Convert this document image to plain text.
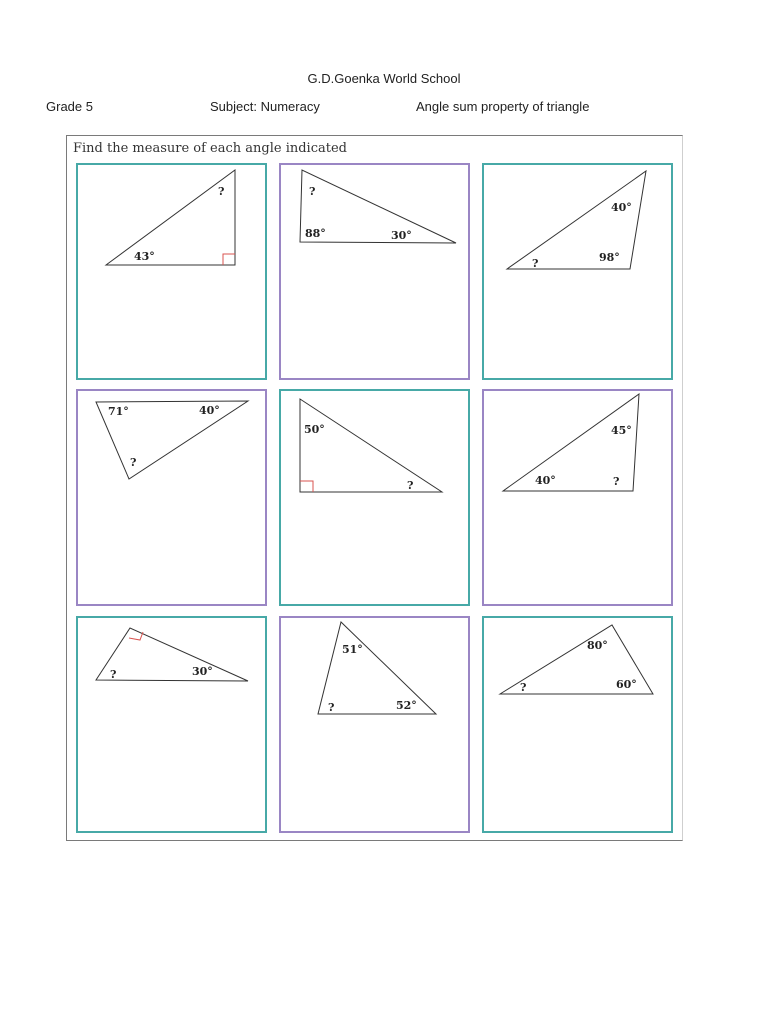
G.D.Goenka World School
Grade 5	Subject: Numeracy	Angle sum property of triangle
Find the measure of each angle indicated
?
43°
?
88°	30°
40°
98°
?
71°	40°
?
50°
?
45°
40°	?
?	30°
51°
?	52°
80°
?	60°
